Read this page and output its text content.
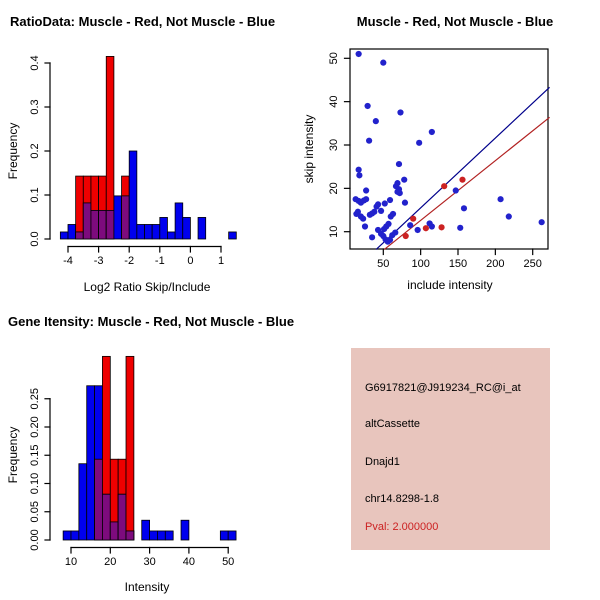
RatioData: Muscle - Red, Not Muscle - Blue
Frequency
Log2 Ratio Skip/Include
0.0
0.1
0.2
0.3
0.4
-4 -3 -2 -1 0 1
Muscle - Red, Not Muscle - Blue
skip intensity
include intensity
50 100 150 200 250
10
20
30
40
50
Gene Itensity: Muscle - Red, Not Muscle - Blue
Frequency
Intensity
0.00
0.05
0.10
0.15
0.20
0.25
10 20 30 40 50
G6917821@J919234_RC@i_at
altCassette
Dnajd1
chr14.8298-1.8
Pval: 2.000000
